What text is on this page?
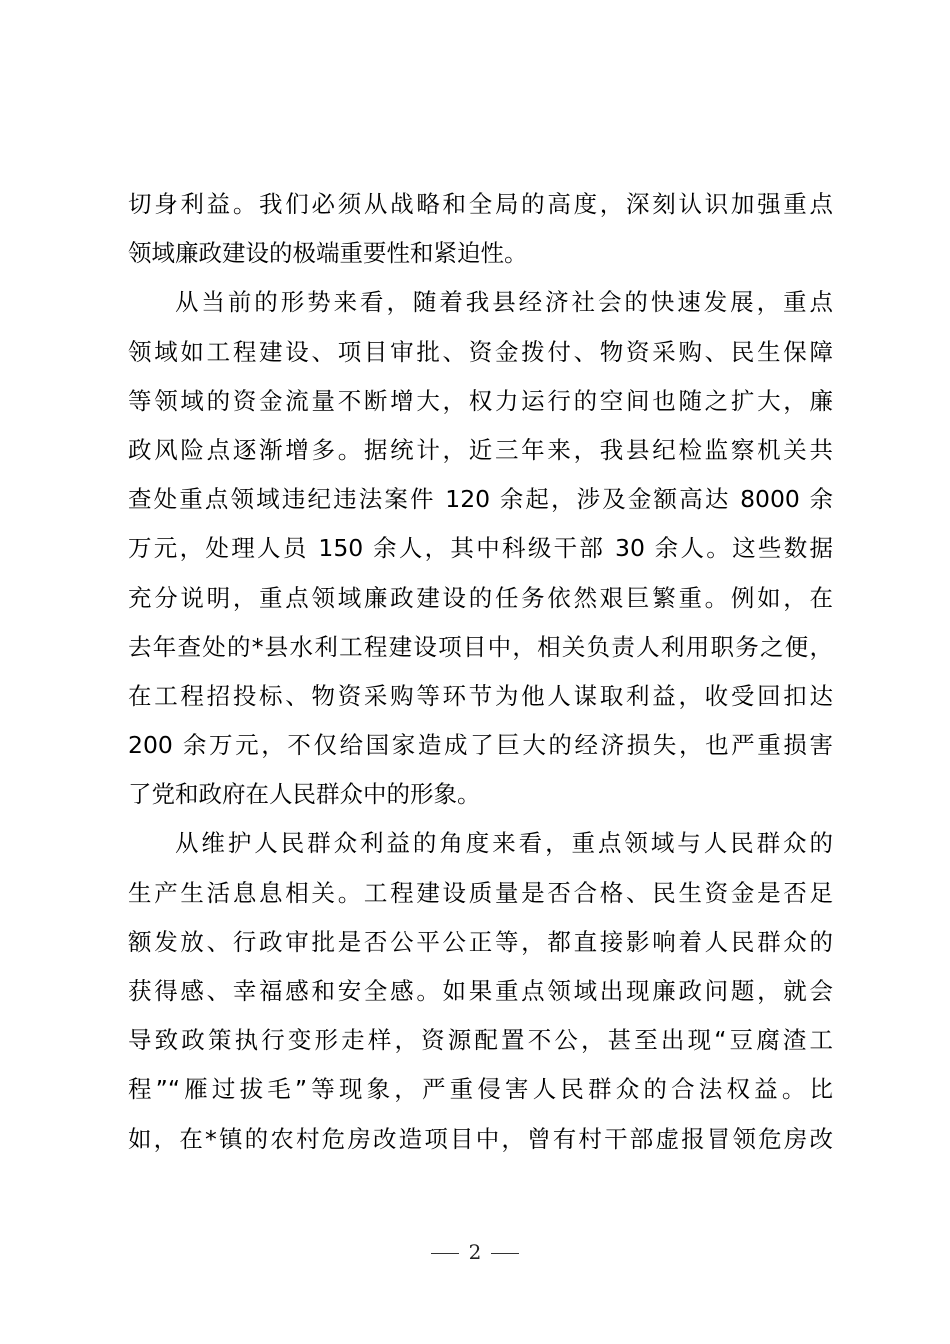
切身利益。我们必须从战略和全局的高度，深刻认识加强重点
领域廉政建设的极端重要性和紧迫性。
从当前的形势来看，随着我县经济社会的快速发展，重点
领域如工程建设、项目审批、资金拨付、物资采购、民生保障
等领域的资金流量不断增大，权力运行的空间也随之扩大，廉
政风险点逐渐增多。据统计，近三年来，我县纪检监察机关共
查处重点领域违纪违法案件 120 余起，涉及金额高达 8000 余
万元，处理人员 150 余人，其中科级干部 30 余人。这些数据
充分说明，重点领域廉政建设的任务依然艰巨繁重。例如，在
去年查处的*县水利工程建设项目中，相关负责人利用职务之便，
在工程招投标、物资采购等环节为他人谋取利益，收受回扣达
200 余万元，不仅给国家造成了巨大的经济损失，也严重损害
了党和政府在人民群众中的形象。
从维护人民群众利益的角度来看，重点领域与人民群众的
生产生活息息相关。工程建设质量是否合格、民生资金是否足
额发放、行政审批是否公平公正等，都直接影响着人民群众的
获得感、幸福感和安全感。如果重点领域出现廉政问题，就会
导致政策执行变形走样，资源配置不公，甚至出现“豆腐渣工
程”“雁过拔毛”等现象，严重侵害人民群众的合法权益。比
如，在*镇的农村危房改造项目中，曾有村干部虚报冒领危房改
2
